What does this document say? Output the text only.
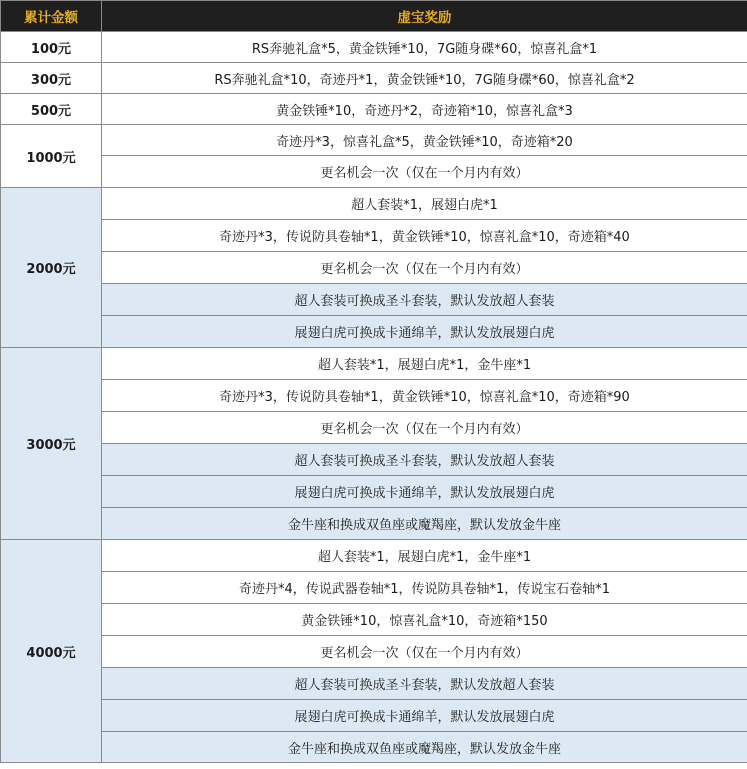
累计金额	虚宝奖励
100元	RS奔驰礼盒*5，黄金铁锤*10，7G随身碟*60，惊喜礼盒*1
300元	RS奔驰礼盒*10，奇迹丹*1，黄金铁锤*10，7G随身碟*60，惊喜礼盒*2
500元	黄金铁锤*10，奇迹丹*2，奇迹箱*10，惊喜礼盒*3
1000元	奇迹丹*3，惊喜礼盒*5，黄金铁锤*10，奇迹箱*20
	更名机会一次（仅在一个月内有效）
2000元	超人套装*1，展翅白虎*1
	奇迹丹*3，传说防具卷轴*1，黄金铁锤*10，惊喜礼盒*10，奇迹箱*40
	更名机会一次（仅在一个月内有效）
	超人套装可换成圣斗套装，默认发放超人套装
	展翅白虎可换成卡通绵羊，默认发放展翅白虎
3000元	超人套装*1，展翅白虎*1，金牛座*1
	奇迹丹*3，传说防具卷轴*1，黄金铁锤*10，惊喜礼盒*10，奇迹箱*90
	更名机会一次（仅在一个月内有效）
	超人套装可换成圣斗套装，默认发放超人套装
	展翅白虎可换成卡通绵羊，默认发放展翅白虎
	金牛座和换成双鱼座或魔羯座，默认发放金牛座
4000元	超人套装*1，展翅白虎*1，金牛座*1
	奇迹丹*4，传说武器卷轴*1，传说防具卷轴*1，传说宝石卷轴*1
	黄金铁锤*10，惊喜礼盒*10，奇迹箱*150
	更名机会一次（仅在一个月内有效）
	超人套装可换成圣斗套装，默认发放超人套装
	展翅白虎可换成卡通绵羊，默认发放展翅白虎
	金牛座和换成双鱼座或魔羯座，默认发放金牛座
